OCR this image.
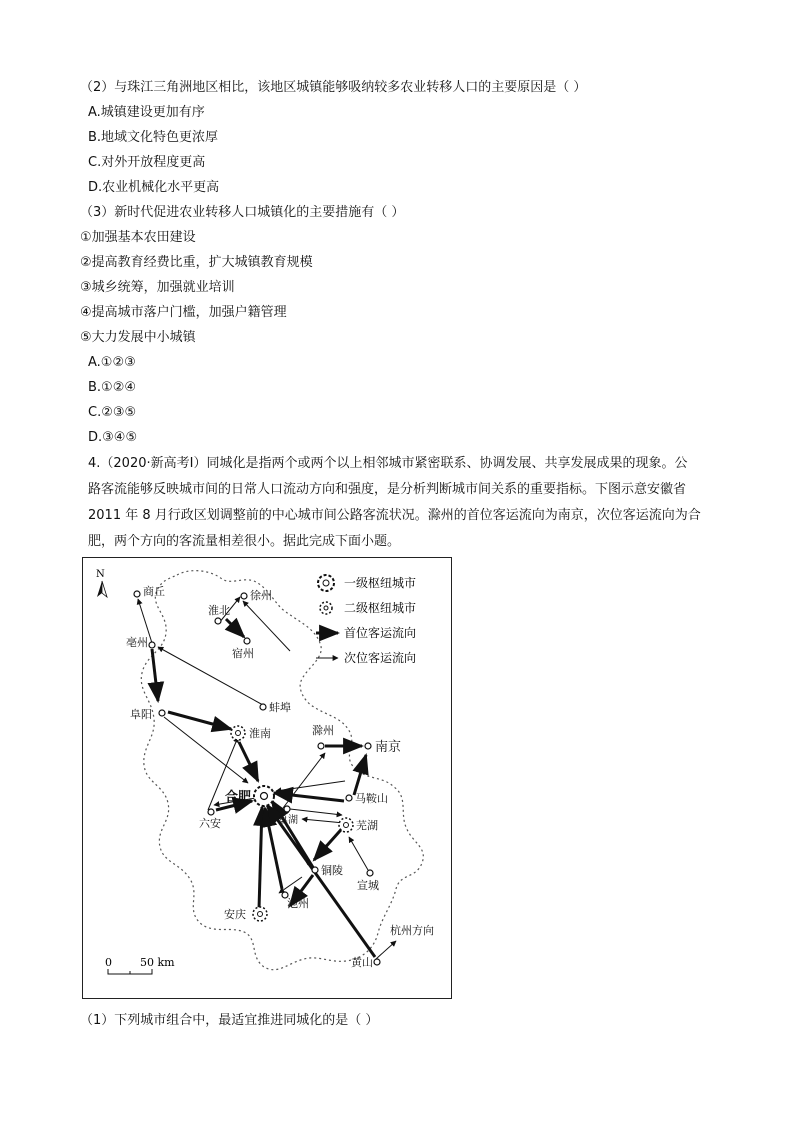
（2）与珠江三角洲地区相比，该地区城镇能够吸纳较多农业转移人口的主要原因是（ ）
A.城镇建设更加有序
B.地域文化特色更浓厚
C.对外开放程度更高
D.农业机械化水平更高
（3）新时代促进农业转移人口城镇化的主要措施有（ ）
①加强基本农田建设
②提高教育经费比重，扩大城镇教育规模
③城乡统筹，加强就业培训
④提高城市落户门槛，加强户籍管理
⑤大力发展中小城镇
A.①②③
B.①②④
C.②③⑤
D.③④⑤
4.（2020·新高考Ⅰ）同城化是指两个或两个以上相邻城市紧密联系、协调发展、共享发展成果的现象。公
路客流能够反映城市间的日常人口流动方向和强度，是分析判断城市间关系的重要指标。下图示意安徽省
2011 年 8 月行政区划调整前的中心城市间公路客流状况。滁州的首位客运流向为南京，次位客运流向为合
肥，两个方向的客流量相差很小。据此完成下面小题。
一级枢纽城市
二级枢纽城市
首位客运流向
次位客运流向
N
商丘	徐州
淮北
宿州
亳州
蚌埠
阜阳
淮南	滁州
南京
合肥
六安	巢湖
马鞍山
芜湖
铜陵
宣城
安庆
池州
黄山
杭州方向
0	50 km
（1）下列城市组合中，最适宜推进同城化的是（ ）
